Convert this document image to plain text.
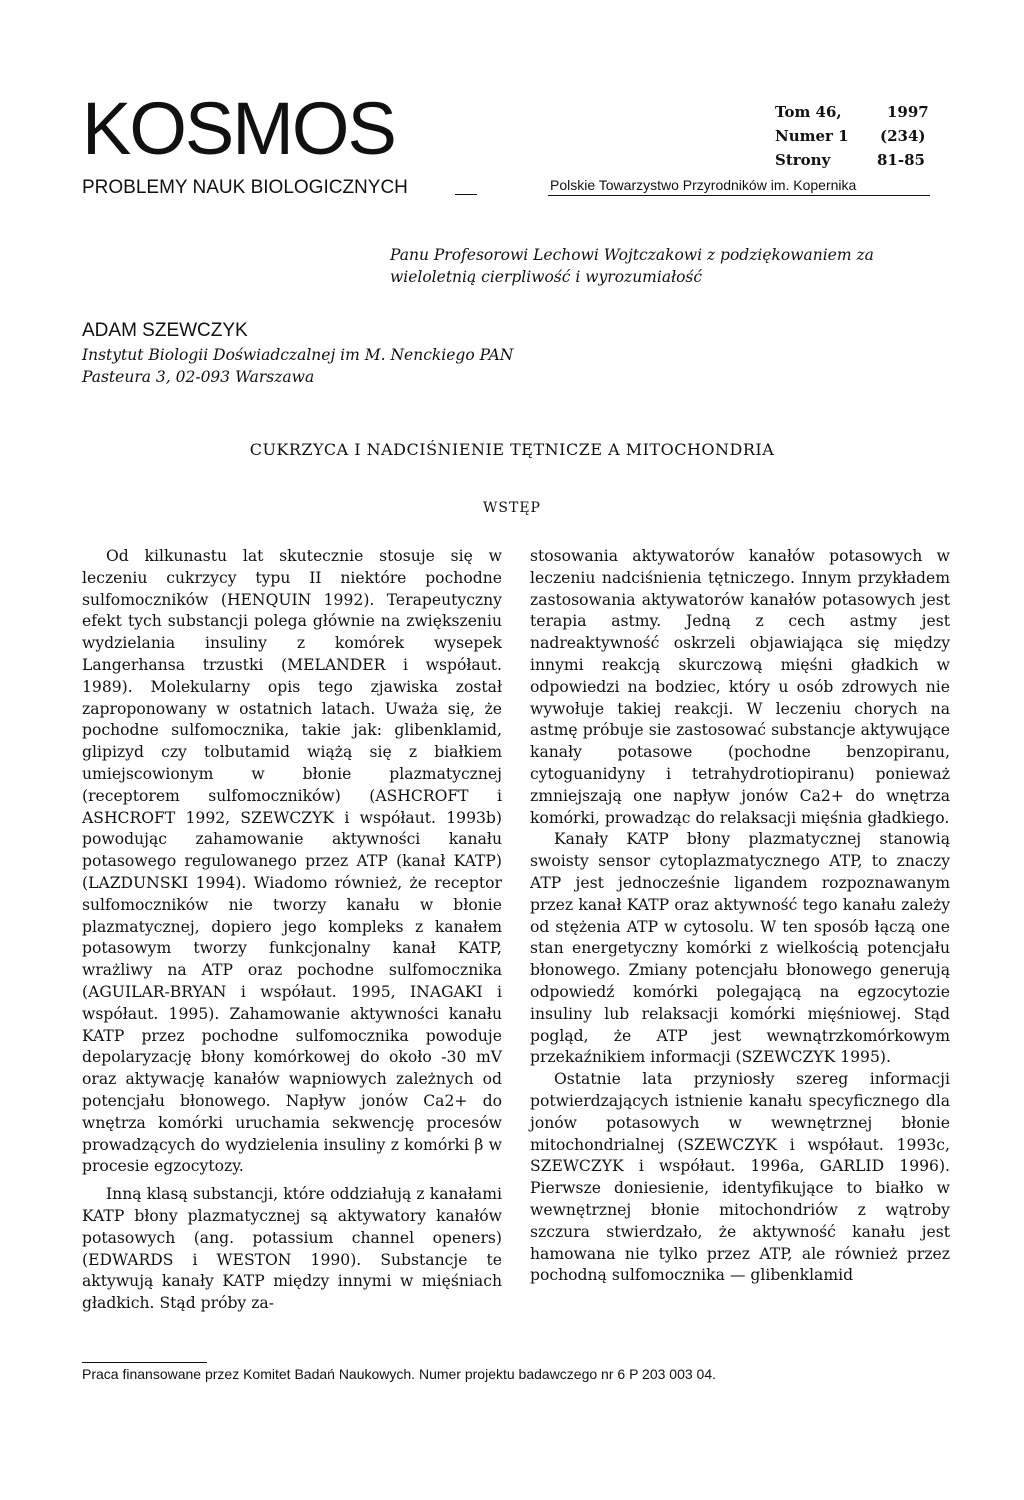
KOSMOS
PROBLEMY NAUK BIOLOGICZNYCH
Tom 46,	1997
Numer 1 (234)
Strony	81-85
Polskie Towarzystwo Przyrodników im. Kopernika
Panu Profesorowi Lechowi Wojtczakowi z podziękowaniem za wieloletnią cierpliwość i wyrozumiałość
ADAM SZEWCZYK
Instytut Biologii Doświadczalnej im M. Nenckiego PAN
Pasteura 3, 02-093 Warszawa
CUKRZYCA I NADCIŚNIENIE TĘTNICZE A MITOCHONDRIA
WSTĘP

Od kilkunastu lat skutecznie stosuje się w leczeniu cukrzycy typu II niektóre pochodne sulfomoczników (HENQUIN 1992). Terapeutyczny efekt tych substancji polega głównie na zwiększeniu wydzielania insuliny z komórek wysepek Langerhansa trzustki (MELANDER i współaut. 1989). Molekularny opis tego zjawiska został zaproponowany w ostatnich latach. Uważa się, że pochodne sulfomocznika, takie jak: glibenklamid, glipizyd czy tolbutamid wiążą się z białkiem umiejscowionym w błonie plazmatycznej (receptorem sulfomoczników) (ASHCROFT i ASHCROFT 1992, SZEWCZYK i współaut. 1993b) powodując zahamowanie aktywności kanału potasowego regulowanego przez ATP (kanał KATP) (LAZDUNSKI 1994). Wiadomo również, że receptor sulfomoczników nie tworzy kanału w błonie plazmatycznej, dopiero jego kompleks z kanałem potasowym tworzy funkcjonalny kanał KATP, wrażliwy na ATP oraz pochodne sulfomocznika (AGUILAR-BRYAN i współaut. 1995, INAGAKI i współaut. 1995). Zahamowanie aktywności kanału KATP przez pochodne sulfomocznika powoduje depolaryzację błony komórkowej do około -30 mV oraz aktywację kanałów wapniowych zależnych od potencjału błonowego. Napływ jonów Ca2+ do wnętrza komórki uruchamia sekwencję procesów prowadzących do wydzielenia insuliny z komórki β w procesie egzocytozy.

Inną klasą substancji, które oddziałują z kanałami KATP błony plazmatycznej są aktywatory kanałów potasowych (ang. potassium channel openers) (EDWARDS i WESTON 1990). Substancje te aktywują kanały KATP między innymi w mięśniach gładkich. Stąd próby za-

stosowania aktywatorów kanałów potasowych w leczeniu nadciśnienia tętniczego. Innym przykładem zastosowania aktywatorów kanałów potasowych jest terapia astmy. Jedną z cech astmy jest nadreaktywność oskrzeli objawiająca się między innymi reakcją skurczową mięśni gładkich w odpowiedzi na bodziec, który u osób zdrowych nie wywołuje takiej reakcji. W leczeniu chorych na astmę próbuje sie zastosować substancje aktywujące kanały potasowe (pochodne benzopiranu, cytoguanidyny i tetrahydrotiopiranu) ponieważ zmniejszają one napływ jonów Ca2+ do wnętrza komórki, prowadząc do relaksacji mięśnia gładkiego.

Kanały KATP błony plazmatycznej stanowią swoisty sensor cytoplazmatycznego ATP, to znaczy ATP jest jednocześnie ligandem rozpoznawanym przez kanał KATP oraz aktywność tego kanału zależy od stężenia ATP w cytosolu. W ten sposób łączą one stan energetyczny komórki z wielkością potencjału błonowego. Zmiany potencjału błonowego generują odpowiedź komórki polegającą na egzocytozie insuliny lub relaksacji komórki mięśniowej. Stąd pogląd, że ATP jest wewnątrzkomórkowym przekaźnikiem informacji (SZEWCZYK 1995).

Ostatnie lata przyniosły szereg informacji potwierdzających istnienie kanału specyficznego dla jonów potasowych w wewnętrznej błonie mitochondrialnej (SZEWCZYK i współaut. 1993c, SZEWCZYK i współaut. 1996a, GARLID 1996). Pierwsze doniesienie, identyfikujące to białko w wewnętrznej błonie mitochondriów z wątroby szczura stwierdzało, że aktywność kanału jest hamowana nie tylko przez ATP, ale również przez pochodną sulfomocznika — glibenklamid

Praca finansowane przez Komitet Badań Naukowych. Numer projektu badawczego nr 6 P 203 003 04.
